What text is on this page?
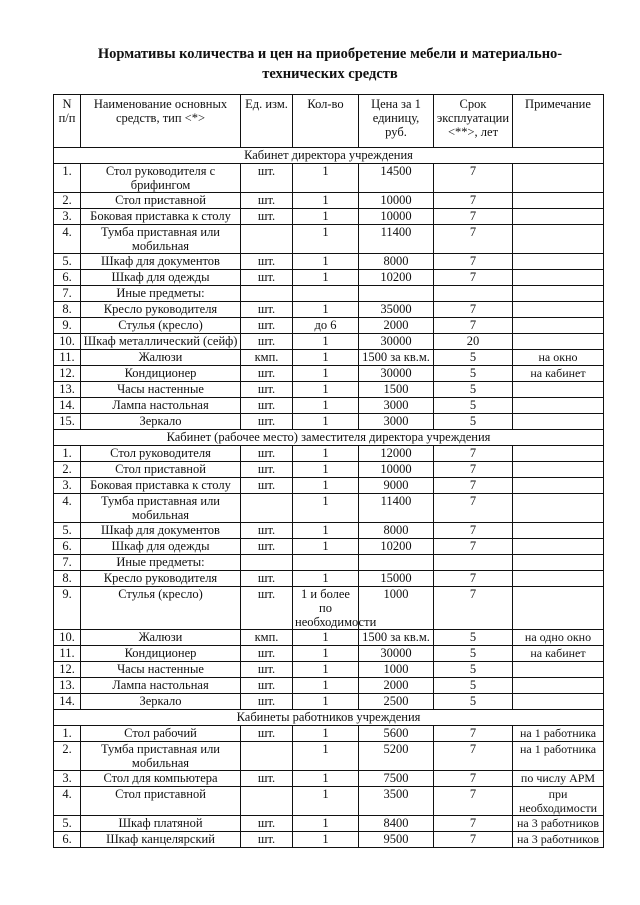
Нормативы количества и цен на приобретение мебели и материально-технических средств
N п/п	Наименование основных средств, тип <*>	Ед. изм.	Кол-во	Цена за 1 единицу, руб.	Срок эксплуатации <**>, лет	Примечание
Кабинет директора учреждения						
1.	Стол руководителя с брифингом	шт.	1	14500	7	
2.	Стол приставной	шт.	1	10000	7	
3.	Боковая приставка к столу	шт.	1	10000	7	
4.	Тумба приставная или мобильная		1	11400	7	
5.	Шкаф для документов	шт.	1	8000	7	
6.	Шкаф для одежды	шт.	1	10200	7	
7.	Иные предметы:					
8.	Кресло руководителя	шт.	1	35000	7	
9.	Стулья (кресло)	шт.	до 6	2000	7	
10.	Шкаф металлический (сейф)	шт.	1	30000	20	
11.	Жалюзи	кмп.	1	1500 за кв.м.	5	на окно
12.	Кондиционер	шт.	1	30000	5	на кабинет
13.	Часы настенные	шт.	1	1500	5	
14.	Лампа настольная	шт.	1	3000	5	
15.	Зеркало	шт.	1	3000	5	
Кабинет (рабочее место) заместителя директора учреждения						
1.	Стол руководителя	шт.	1	12000	7	
2.	Стол приставной	шт.	1	10000	7	
3.	Боковая приставка к столу	шт.	1	9000	7	
4.	Тумба приставная или мобильная		1	11400	7	
5.	Шкаф для документов	шт.	1	8000	7	
6.	Шкаф для одежды	шт.	1	10200	7	
7.	Иные предметы:					
8.	Кресло руководителя	шт.	1	15000	7	
9.	Стулья (кресло)	шт.	1 и более по необходимости	1000	7	
10.	Жалюзи	кмп.	1	1500 за кв.м.	5	на одно окно
11.	Кондиционер	шт.	1	30000	5	на кабинет
12.	Часы настенные	шт.	1	1000	5	
13.	Лампа настольная	шт.	1	2000	5	
14.	Зеркало	шт.	1	2500	5	
Кабинеты работников учреждения						
1.	Стол рабочий	шт.	1	5600	7	на 1 работника
2.	Тумба приставная или мобильная		1	5200	7	на 1 работника
3.	Стол для компьютера	шт.	1	7500	7	по числу АРМ
4.	Стол приставной		1	3500	7	при необходимости
5.	Шкаф платяной	шт.	1	8400	7	на 3 работников
6.	Шкаф канцелярский	шт.	1	9500	7	на 3 работников
